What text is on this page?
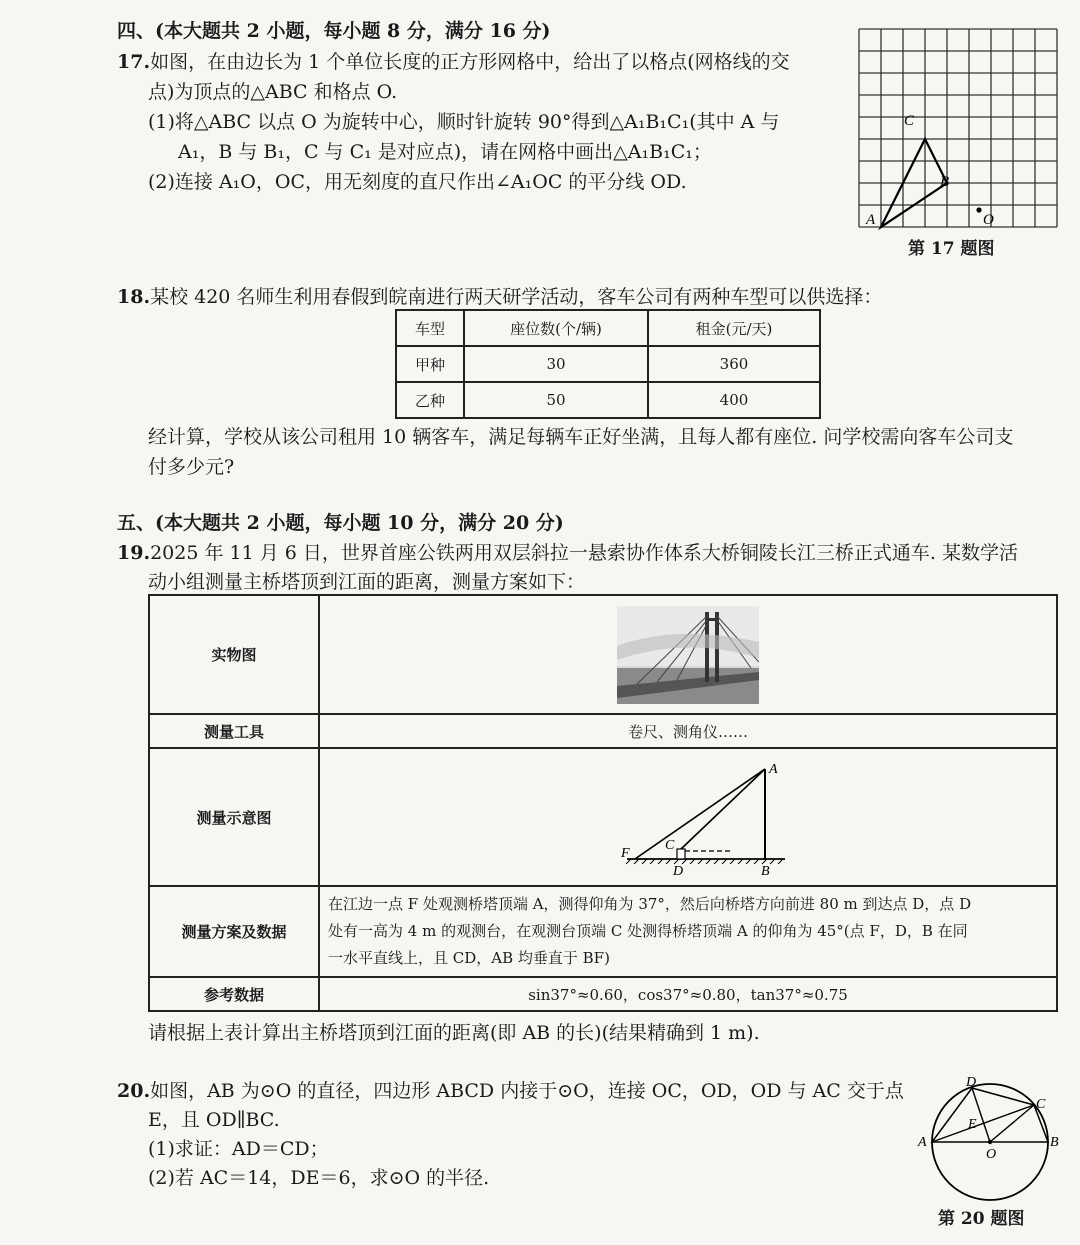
四、(本大题共 2 小题，每小题 8 分，满分 16 分)
17.如图，在由边长为 1 个单位长度的正方形网格中，给出了以格点(网格线的交
点)为顶点的△ABC 和格点 O.
(1)将△ABC 以点 O 为旋转中心，顺时针旋转 90°得到△A₁B₁C₁(其中 A 与
A₁，B 与 B₁，C 与 C₁ 是对应点)，请在网格中画出△A₁B₁C₁；
(2)连接 A₁O，OC，用无刻度的直尺作出∠A₁OC 的平分线 OD.
A
C
B
O
第 17 题图
18.某校 420 名师生利用春假到皖南进行两天研学活动，客车公司有两种车型可以供选择：
车型	座位数(个/辆)	租金(元/天)
甲种	30	360
乙种	50	400
经计算，学校从该公司租用 10 辆客车，满足每辆车正好坐满，且每人都有座位. 问学校需向客车公司支
付多少元?
五、(本大题共 2 小题，每小题 10 分，满分 20 分)
19.2025 年 11 月 6 日，世界首座公铁两用双层斜拉一悬索协作体系大桥铜陵长江三桥正式通车. 某数学活
动小组测量主桥塔顶到江面的距离，测量方案如下：
实物图	

测量工具	卷尺、测角仪……
测量示意图	A
F
C
D B

测量方案及数据	在江边一点 F 处观测桥塔顶端 A，测得仰角为 37°，然后向桥塔方向前进 80 m 到达点 D，点 D
处有一高为 4 m 的观测台，在观测台顶端 C 处测得桥塔顶端 A 的仰角为 45°(点 F，D，B 在同
一水平直线上，且 CD，AB 均垂直于 BF)

参考数据	sin37°≈0.60，cos37°≈0.80，tan37°≈0.75
请根据上表计算出主桥塔顶到江面的距离(即 AB 的长)(结果精确到 1 m).
20.如图，AB 为⊙O 的直径，四边形 ABCD 内接于⊙O，连接 OC，OD，OD 与 AC 交于点
E，且 OD∥BC.
(1)求证：AD＝CD；
(2)若 AC＝14，DE＝6，求⊙O 的半径.
D
C
A	B
E
O
第 20 题图
